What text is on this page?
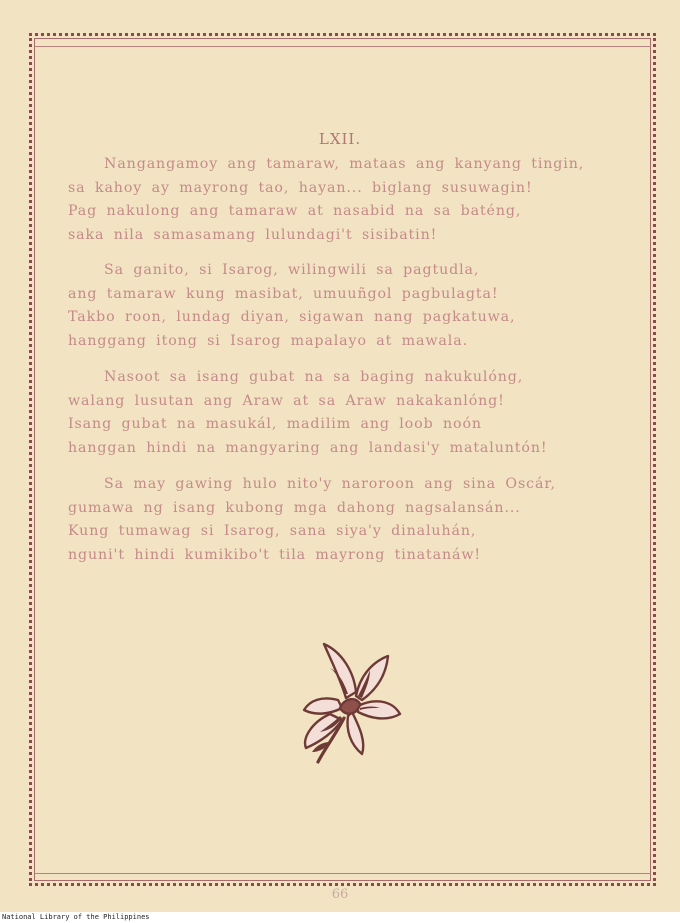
LXII.
Nangangamoy ang tamaraw, mataas ang kanyang tingin,
sa kahoy ay mayrong tao, hayan... biglang susuwagin!
Pag nakulong ang tamaraw at nasabid na sa baténg,
saka nila samasamang lulundagi't sisibatin!
Sa ganito, si Isarog, wilingwili sa pagtudla,
ang tamaraw kung masibat, umuuñgol pagbulagta!
Takbo roon, lundag diyan, sigawan nang pagkatuwa,
hanggang itong si Isarog mapalayo at mawala.
Nasoot sa isang gubat na sa baging nakukulóng,
walang lusutan ang Araw at sa Araw nakakanlóng!
Isang gubat na masukál, madilim ang loob noón
hanggan hindi na mangyaring ang landasi'y mataluntón!
Sa may gawing hulo nito'y naroroon ang sina Oscár,
gumawa ng isang kubong mga dahong nagsalansán...
Kung tumawag si Isarog, sana siya'y dinaluhán,
nguni't hindi kumikibo't tila mayrong tinatanáw!
66
National Library of the Philippines
